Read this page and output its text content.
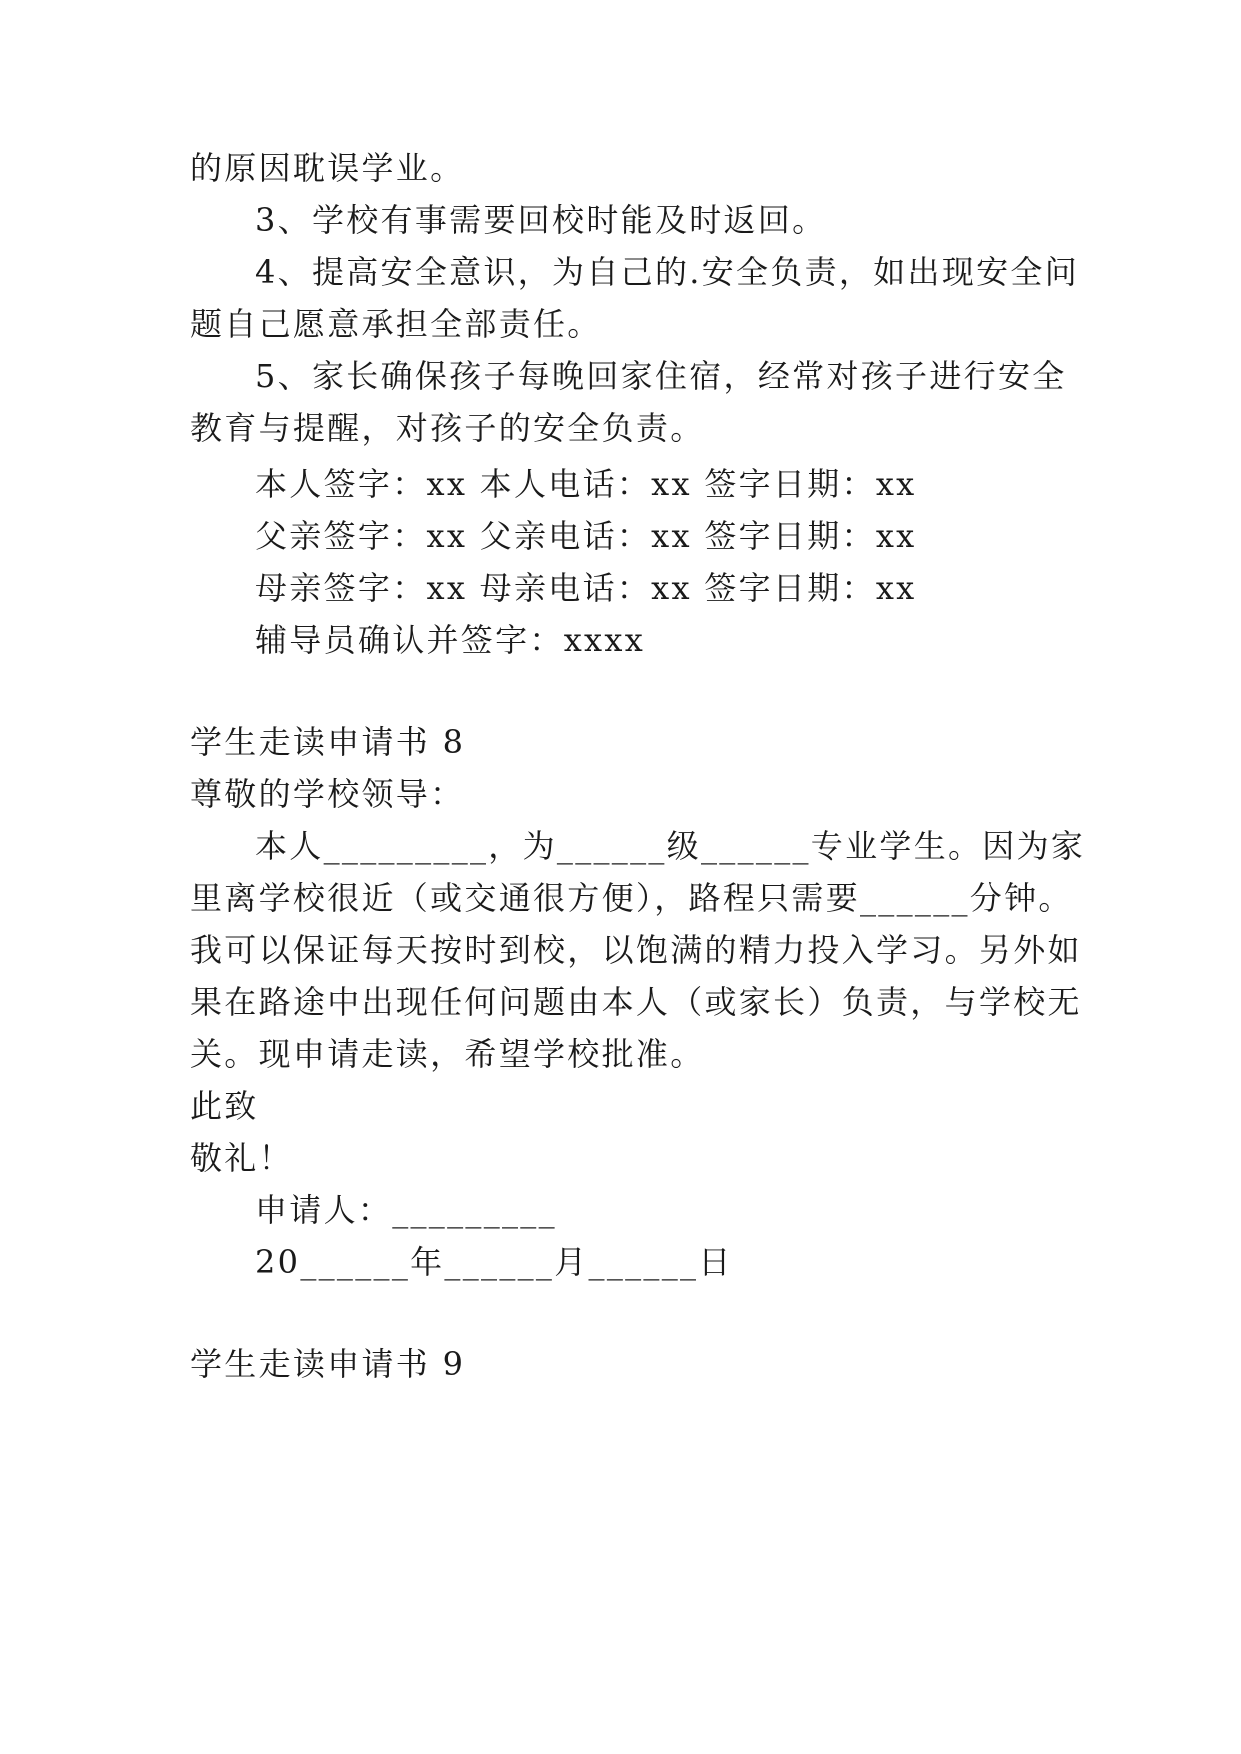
的原因耽误学业。
3、学校有事需要回校时能及时返回。
4、提高安全意识，为自己的.安全负责，如出现安全问
题自己愿意承担全部责任。
5、家长确保孩子每晚回家住宿，经常对孩子进行安全
教育与提醒，对孩子的安全负责。
本人签字：xx 本人电话：xx 签字日期：xx
父亲签字：xx 父亲电话：xx 签字日期：xx
母亲签字：xx 母亲电话：xx 签字日期：xx
辅导员确认并签字：xxxx
学生走读申请书 8
尊敬的学校领导：
本人_________，为______级______专业学生。因为家
里离学校很近（或交通很方便），路程只需要______分钟。
我可以保证每天按时到校，以饱满的精力投入学习。另外如
果在路途中出现任何问题由本人（或家长）负责，与学校无
关。现申请走读，希望学校批准。
此致
敬礼！
申请人：_________
20______年______月______日
学生走读申请书 9
